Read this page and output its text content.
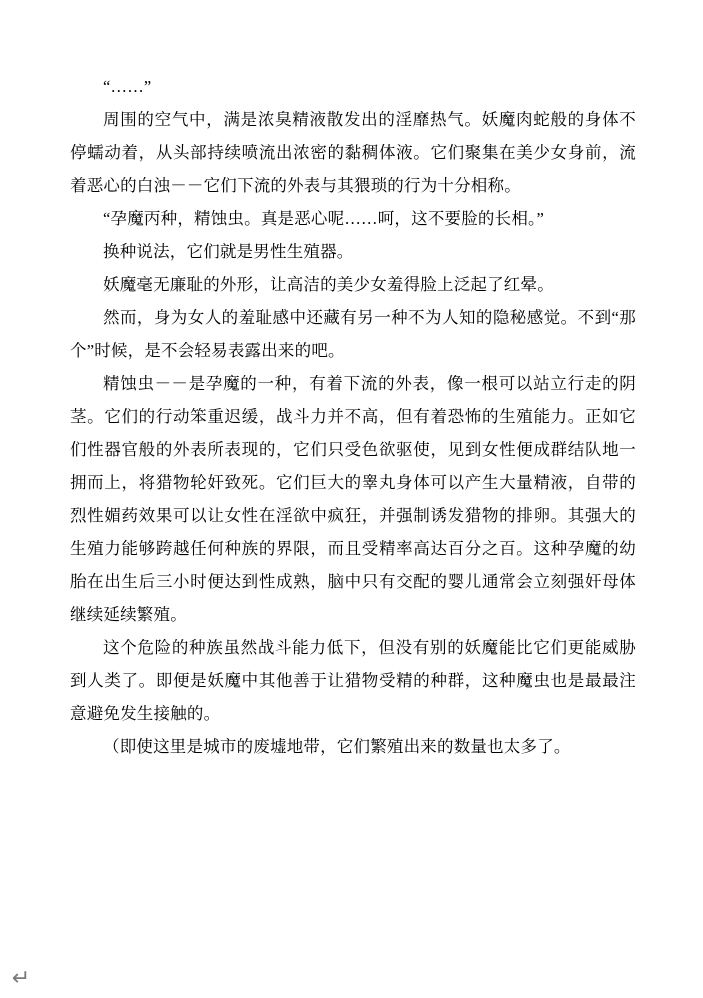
“……”

周围的空气中，满是浓臭精液散发出的淫靡热气。妖魔肉蛇般的身体不停蠕动着，从头部持续喷流出浓密的黏稠体液。它们聚集在美少女身前，流着恶心的白浊－－它们下流的外表与其猥琐的行为十分相称。

“孕魔丙种，精蚀虫。真是恶心呢……呵，这不要脸的长相。”

换种说法，它们就是男性生殖器。

妖魔毫无廉耻的外形，让高洁的美少女羞得脸上泛起了红晕。

然而，身为女人的羞耻感中还藏有另一种不为人知的隐秘感觉。不到“那个”时候，是不会轻易表露出来的吧。

精蚀虫－－是孕魔的一种，有着下流的外表，像一根可以站立行走的阴茎。它们的行动笨重迟缓，战斗力并不高，但有着恐怖的生殖能力。正如它们性器官般的外表所表现的，它们只受色欲驱使，见到女性便成群结队地一拥而上，将猎物轮奸致死。它们巨大的睾丸身体可以产生大量精液，自带的烈性媚药效果可以让女性在淫欲中疯狂，并强制诱发猎物的排卵。其强大的生殖力能够跨越任何种族的界限，而且受精率高达百分之百。这种孕魔的幼胎在出生后三小时便达到性成熟，脑中只有交配的婴儿通常会立刻强奸母体继续延续繁殖。

这个危险的种族虽然战斗能力低下，但没有别的妖魔能比它们更能威胁到人类了。即便是妖魔中其他善于让猎物受精的种群，这种魔虫也是最最注意避免发生接触的。

（即使这里是城市的废墟地带，它们繁殖出来的数量也太多了。

↵
